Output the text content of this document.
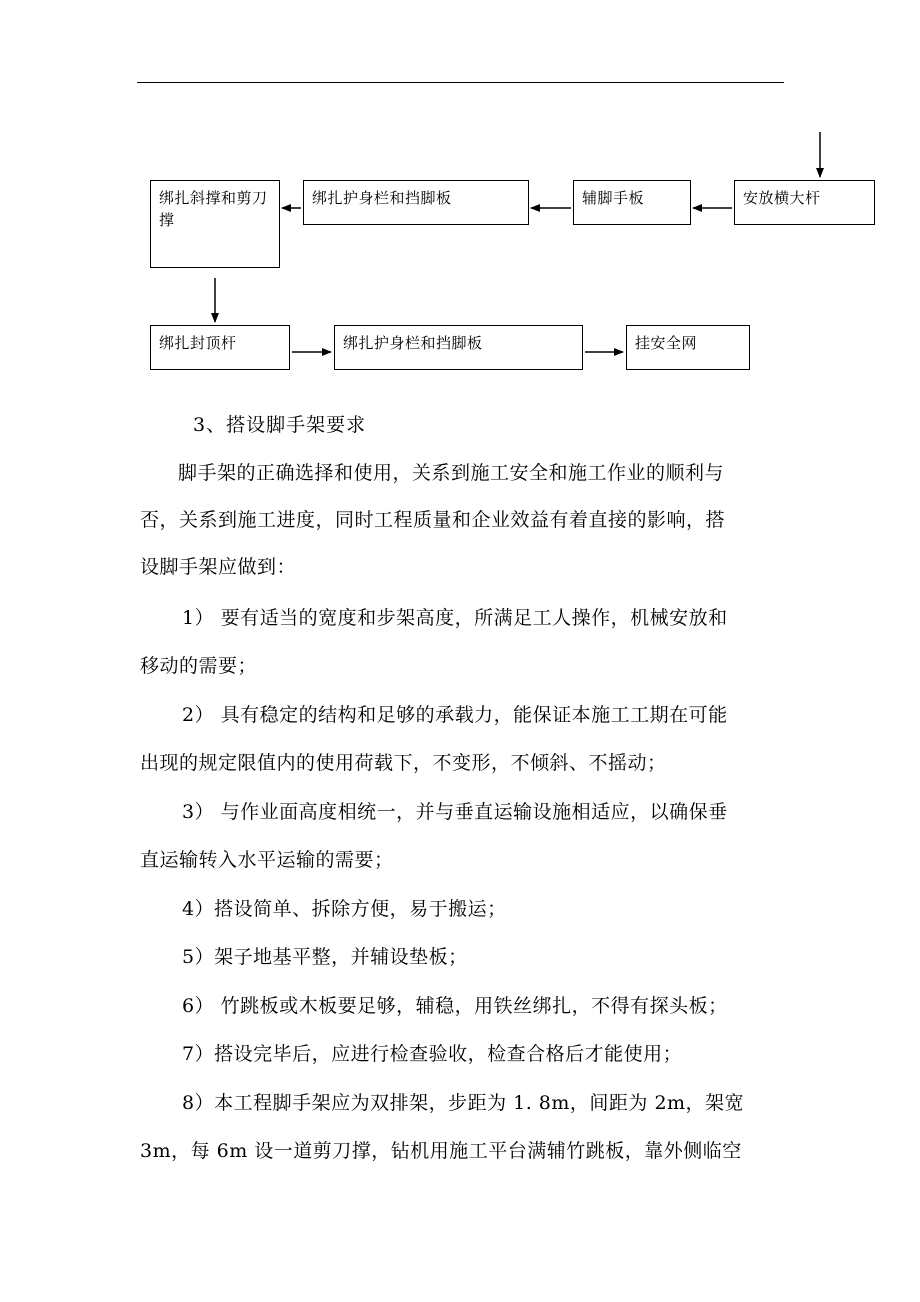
绑扎斜撑和剪刀撑
绑扎护身栏和挡脚板	辅脚手板	安放横大杆
绑扎封顶杆	绑扎护身栏和挡脚板	挂安全网
3、搭设脚手架要求
脚手架的正确选择和使用，关系到施工安全和施工作业的顺利与
否，关系到施工进度，同时工程质量和企业效益有着直接的影响，搭
设脚手架应做到：
1） 要有适当的宽度和步架高度，所满足工人操作，机械安放和
移动的需要；
2） 具有稳定的结构和足够的承载力，能保证本施工工期在可能
出现的规定限值内的使用荷载下，不变形，不倾斜、不摇动；
3） 与作业面高度相统一，并与垂直运输设施相适应，以确保垂
直运输转入水平运输的需要；
4）搭设简单、拆除方便，易于搬运；
5）架子地基平整，并辅设垫板；
6） 竹跳板或木板要足够，辅稳，用铁丝绑扎，不得有探头板；
7）搭设完毕后，应进行检查验收，检查合格后才能使用；
8）本工程脚手架应为双排架，步距为 1. 8m，间距为 2m，架宽
3m，每 6m 设一道剪刀撑，钻机用施工平台满辅竹跳板，靠外侧临空
